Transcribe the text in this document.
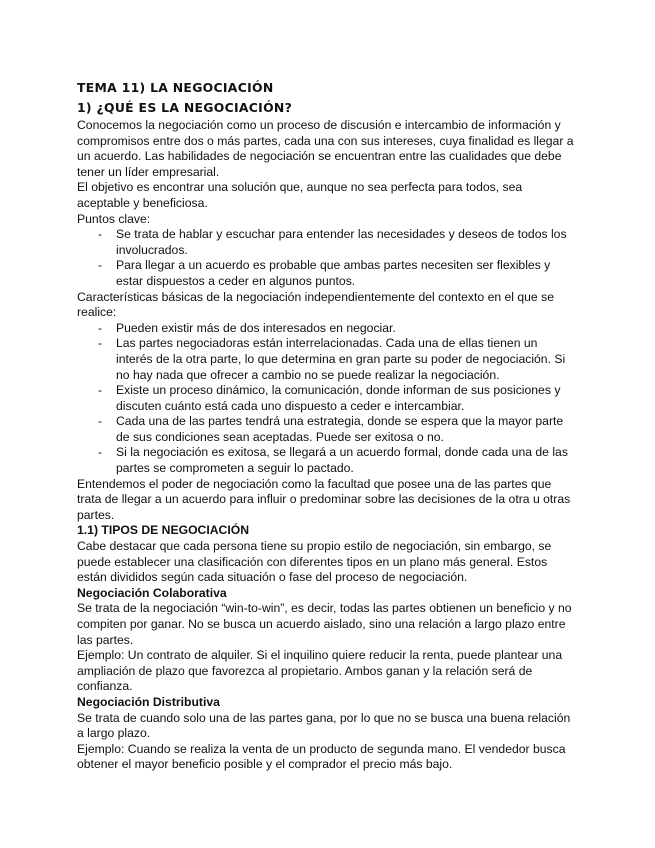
TEMA 11) LA NEGOCIACIÓN
1) ¿QUÉ ES LA NEGOCIACIÓN?

Conocemos la negociación como un proceso de discusión e intercambio de información y compromisos entre dos o más partes, cada una con sus intereses, cuya finalidad es llegar a un acuerdo. Las habilidades de negociación se encuentran entre las cualidades que debe tener un líder empresarial.

El objetivo es encontrar una solución que, aunque no sea perfecta para todos, sea aceptable y beneficiosa.

Puntos clave:

- Se trata de hablar y escuchar para entender las necesidades y deseos de todos los involucrados.
- Para llegar a un acuerdo es probable que ambas partes necesiten ser flexibles y estar dispuestos a ceder en algunos puntos.

Características básicas de la negociación independientemente del contexto en el que se realice:

- Pueden existir más de dos interesados en negociar.
- Las partes negociadoras están interrelacionadas. Cada una de ellas tienen un interés de la otra parte, lo que determina en gran parte su poder de negociación. Si no hay nada que ofrecer a cambio no se puede realizar la negociación.
- Existe un proceso dinámico, la comunicación, donde informan de sus posiciones y discuten cuánto está cada uno dispuesto a ceder e intercambiar.
- Cada una de las partes tendrá una estrategia, donde se espera que la mayor parte de sus condiciones sean aceptadas. Puede ser exitosa o no.
- Si la negociación es exitosa, se llegará a un acuerdo formal, donde cada una de las partes se comprometen a seguir lo pactado.

Entendemos el poder de negociación como la facultad que posee una de las partes que trata de llegar a un acuerdo para influir o predominar sobre las decisiones de la otra u otras partes.

1.1) TIPOS DE NEGOCIACIÓN

Cabe destacar que cada persona tiene su propio estilo de negociación, sin embargo, se puede establecer una clasificación con diferentes tipos en un plano más general. Estos están divididos según cada situación o fase del proceso de negociación.

Negociación Colaborativa

Se trata de la negociación “win-to-win”, es decir, todas las partes obtienen un beneficio y no compiten por ganar. No se busca un acuerdo aislado, sino una relación a largo plazo entre las partes.

Ejemplo: Un contrato de alquiler. Si el inquilino quiere reducir la renta, puede plantear una ampliación de plazo que favorezca al propietario. Ambos ganan y la relación será de confianza.

Negociación Distributiva

Se trata de cuando solo una de las partes gana, por lo que no se busca una buena relación a largo plazo.

Ejemplo: Cuando se realiza la venta de un producto de segunda mano. El vendedor busca obtener el mayor beneficio posible y el comprador el precio más bajo.
